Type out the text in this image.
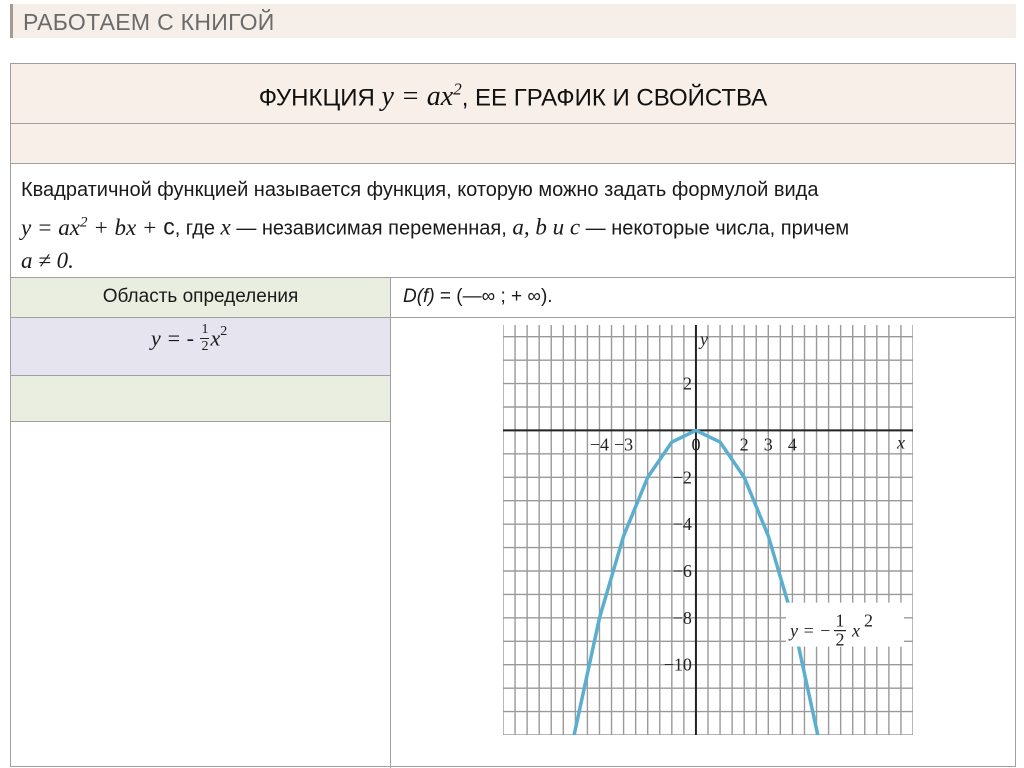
РАБОТАЕМ С КНИГОЙ
ФУНКЦИЯ $y = ax^2$, ЕЕ ГРАФИК И СВОЙСТВА
Квадратичной функцией называется функция, которую можно задать формулой вида
$y = ax^2$ + bx + c, где x — независимая переменная, a, b и c — некоторые числа, причем
a ≠ 0.
Область определения	D(f) = (—∞ ; + ∞).
y = - $\frac{1}{2} x^2$
x
y
−4 −3	0 2 3 4
2
−2
−4
−6
−8
−10
y = − 1
2 x 2
